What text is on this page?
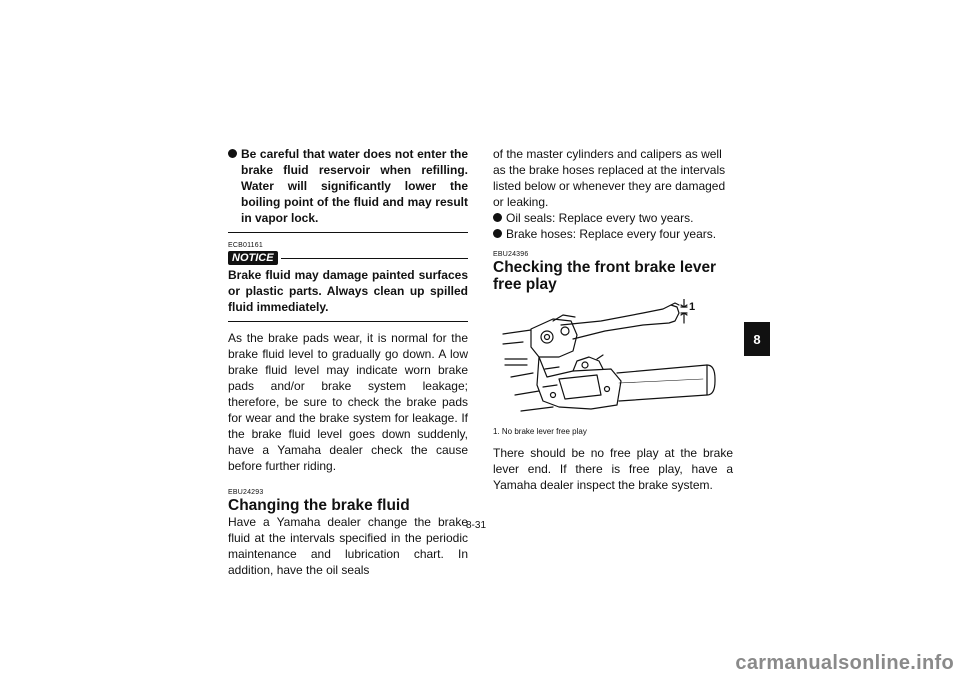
Be careful that water does not enter the brake fluid reservoir when refilling. Water will significantly lower the boiling point of the fluid and may result in vapor lock.
ECB01161
NOTICE
Brake fluid may damage painted surfaces or plastic parts. Always clean up spilled fluid immediately.
As the brake pads wear, it is normal for the brake fluid level to gradually go down. A low brake fluid level may indicate worn brake pads and/or brake system leakage; therefore, be sure to check the brake pads for wear and the brake system for leakage. If the brake fluid level goes down suddenly, have a Yamaha dealer check the cause before further riding.
EBU24293
Changing the brake fluid
Have a Yamaha dealer change the brake fluid at the intervals specified in the periodic maintenance and lubrication chart. In addition, have the oil seals
of the master cylinders and calipers as well as the brake hoses replaced at the intervals listed below or whenever they are damaged or leaking.
Oil seals: Replace every two years.
Brake hoses: Replace every four years.
EBU24396
Checking the front brake lever free play
1
1. No brake lever free play
There should be no free play at the brake lever end. If there is free play, have a Yamaha dealer inspect the brake system.
8
8-31
carmanualsonline.info
